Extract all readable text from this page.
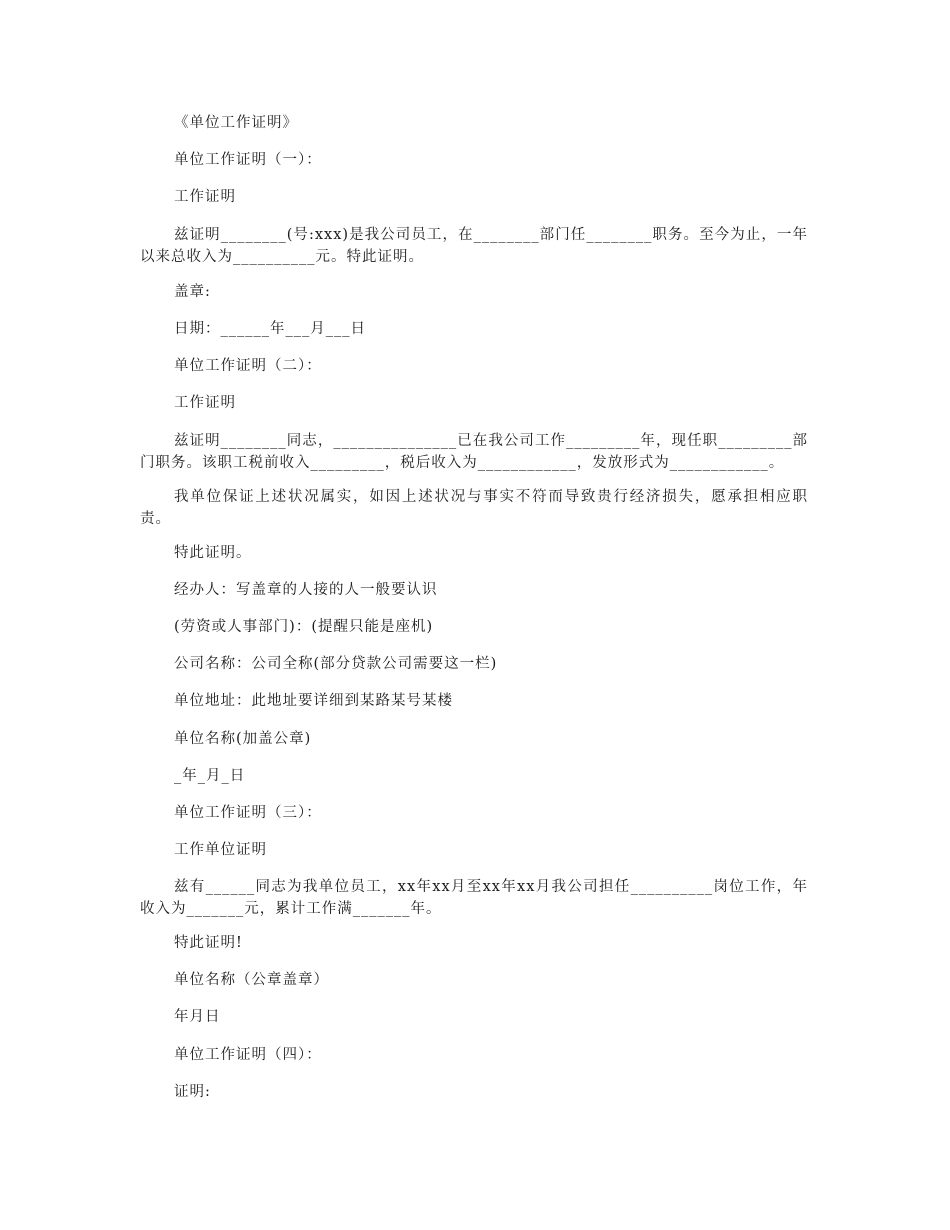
《单位工作证明》

单位工作证明（一）：

工作证明

兹证明________(号:xxx)是我公司员工，在________部门任________职务。至今为止，一年以来总收入为__________元。特此证明。

盖章:

日期：______年___月___日

单位工作证明（二）：

工作证明

兹证明________同志，_______________已在我公司工作_________年，现任职_________部门职务。该职工税前收入_________，税后收入为____________，发放形式为____________。

我单位保证上述状况属实，如因上述状况与事实不符而导致贵行经济损失，愿承担相应职责。

特此证明。

经办人：写盖章的人接的人一般要认识

(劳资或人事部门)：(提醒只能是座机)

公司名称：公司全称(部分贷款公司需要这一栏)

单位地址：此地址要详细到某路某号某楼

单位名称(加盖公章)

_年_月_日

单位工作证明（三）：

工作单位证明

兹有______同志为我单位员工，xx年xx月至xx年xx月我公司担任__________岗位工作，年收入为_______元，累计工作满_______年。

特此证明!

单位名称（公章盖章）

年月日

单位工作证明（四）：

证明:
